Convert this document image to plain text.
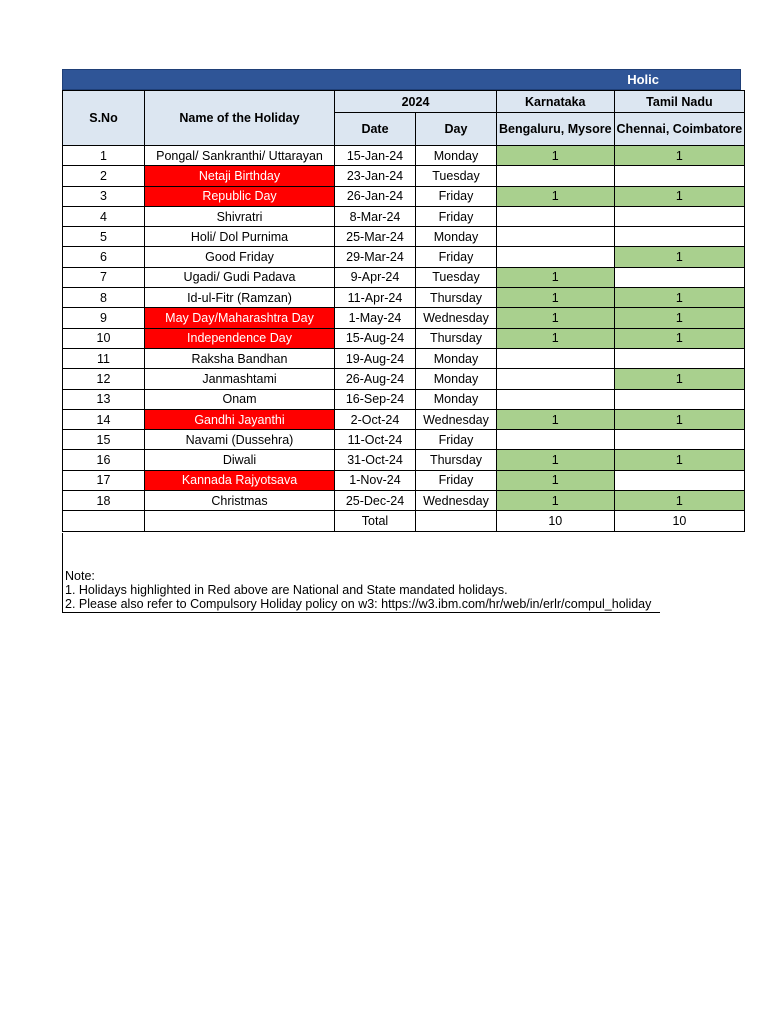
Holic
S.No	Name of the Holiday	2024		Karnataka	Tamil Nadu
		Date	Day	Bengaluru, Mysore	Chennai, Coimbatore
1	Pongal/ Sankranthi/ Uttarayan	15-Jan-24	Monday	1	1
2	Netaji Birthday	23-Jan-24	Tuesday		
3	Republic Day	26-Jan-24	Friday	1	1
4	Shivratri	8-Mar-24	Friday		
5	Holi/ Dol Purnima	25-Mar-24	Monday		
6	Good Friday	29-Mar-24	Friday		1
7	Ugadi/ Gudi Padava	9-Apr-24	Tuesday	1	
8	Id-ul-Fitr (Ramzan)	11-Apr-24	Thursday	1	1
9	May Day/Maharashtra Day	1-May-24	Wednesday	1	1
10	Independence Day	15-Aug-24	Thursday	1	1
11	Raksha Bandhan	19-Aug-24	Monday		
12	Janmashtami	26-Aug-24	Monday		1
13	Onam	16-Sep-24	Monday		
14	Gandhi Jayanthi	2-Oct-24	Wednesday	1	1
15	Navami (Dussehra)	11-Oct-24	Friday		
16	Diwali	31-Oct-24	Thursday	1	1
17	Kannada Rajyotsava	1-Nov-24	Friday	1	
18	Christmas	25-Dec-24	Wednesday	1	1
		Total		10	10
Note:
1. Holidays highlighted in Red above are National and State mandated holidays.
2. Please also refer to Compulsory Holiday policy on w3: https://w3.ibm.com/hr/web/in/erlr/compul_holiday
